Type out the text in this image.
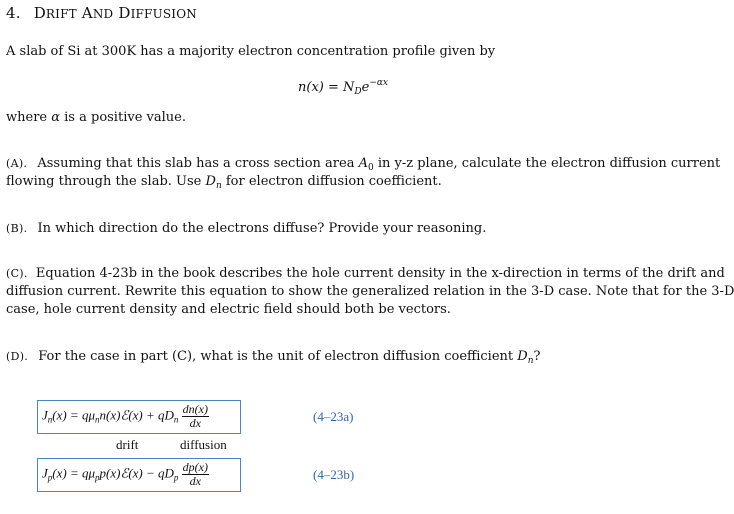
4. DRIFT AND DIFFUSION
A slab of Si at 300K has a majority electron concentration profile given by
$n(x) = N_De^{-\alpha x}$
where α is a positive value.
(A). Assuming that this slab has a cross section area $A_0$ in y-z plane, calculate the electron diffusion current
flowing through the slab. Use $D_n$ for electron diffusion coefficient.
(B). In which direction do the electrons diffuse? Provide your reasoning.
(C). Equation 4-23b in the book describes the hole current density in the x-direction in terms of the drift and
diffusion current. Rewrite this equation to show the generalized relation in the 3-D case. Note that for the 3-D
case, hole current density and electric field should both be vectors.
(D). For the case in part (C), what is the unit of electron diffusion coefficient $D_n$?
$J_n(x)$ = $q\mu_nn(x)ℰ(x) + qD_n \frac{dn(x)}{dx}$	(4–23a)
drift	diffusion
$J_p(x)$ = $q\mu_pp(x)ℰ(x) - qD_p \frac{dp(x)}{dx}$	(4–23b)
